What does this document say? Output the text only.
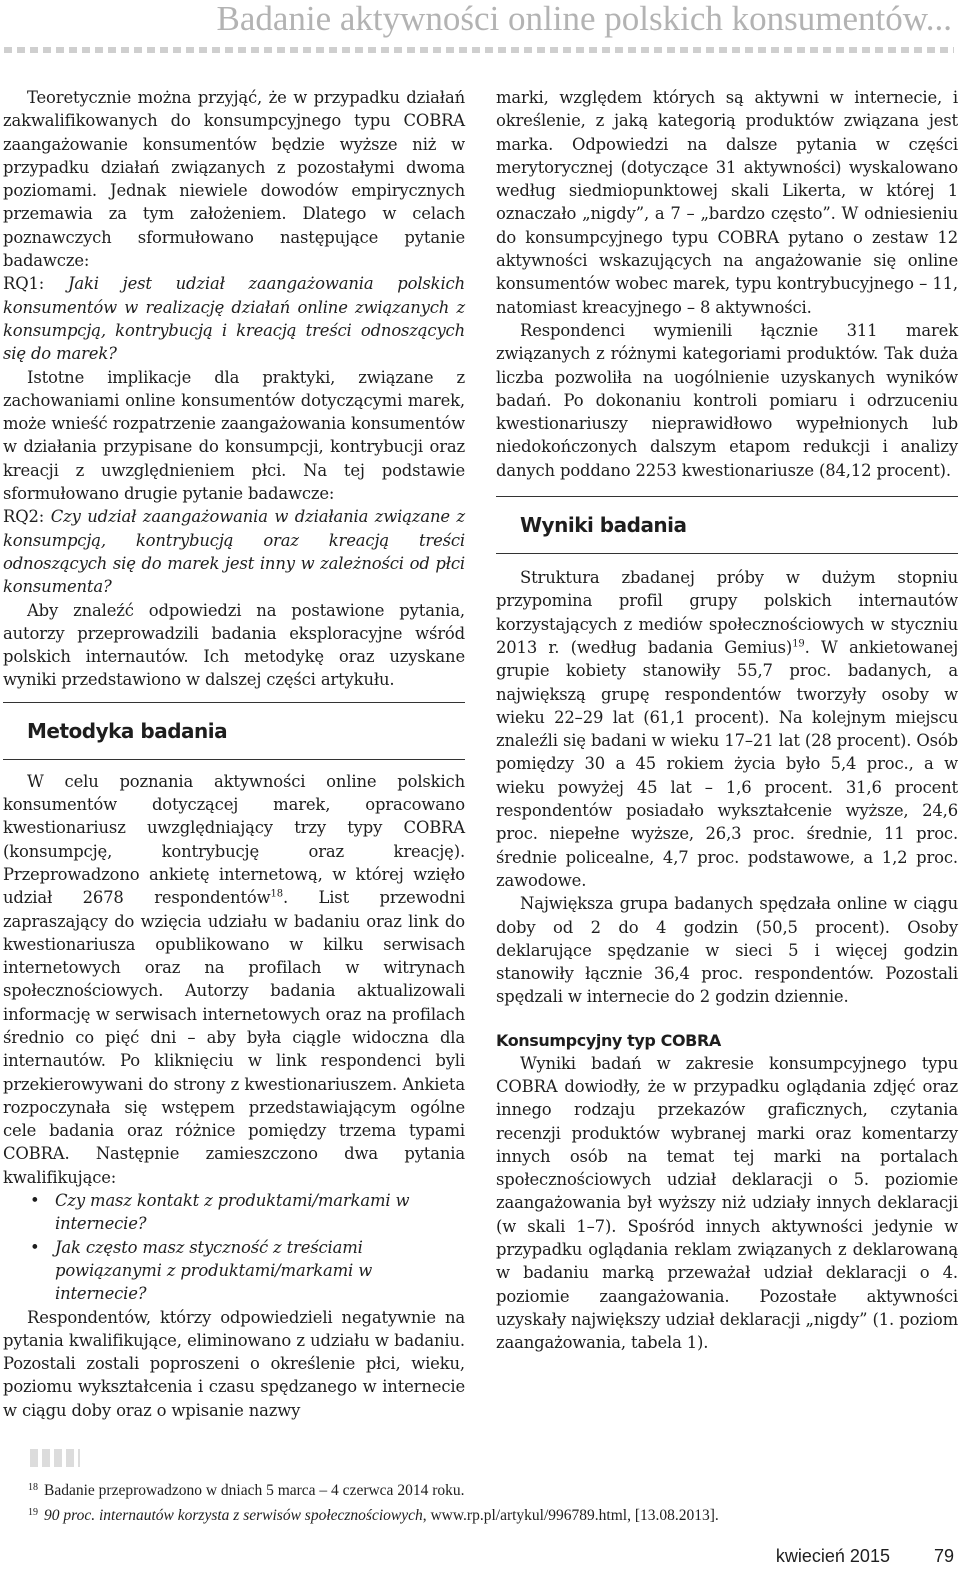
Badanie aktywności online polskich konsumentów...

Teoretycznie można przyjąć, że w przypadku działań zakwalifikowanych do konsumpcyjnego typu COBRA zaangażowanie konsumentów będzie wyższe niż w przypadku działań związanych z pozostałymi dwoma poziomami. Jednak niewiele dowodów empirycznych przemawia za tym założeniem. Dlatego w celach poznawczych sformułowano następujące pytanie badawcze:

RQ1: Jaki jest udział zaangażowania polskich konsumentów w realizację działań online związanych z konsumpcją, kontrybucją i kreacją treści odnoszących się do marek?

Istotne implikacje dla praktyki, związane z zachowaniami online konsumentów dotyczącymi marek, może wnieść rozpatrzenie zaangażowania konsumentów w działania przypisane do konsumpcji, kontrybucji oraz kreacji z uwzględnieniem płci. Na tej podstawie sformułowano drugie pytanie badawcze:

RQ2: Czy udział zaangażowania w działania związane z konsumpcją, kontrybucją oraz kreacją treści odnoszących się do marek jest inny w zależności od płci konsumenta?

Aby znaleźć odpowiedzi na postawione pytania, autorzy przeprowadzili badania eksploracyjne wśród polskich internautów. Ich metodykę oraz uzyskane wyniki przedstawiono w dalszej części artykułu.

Metodyka badania

W celu poznania aktywności online polskich konsumentów dotyczącej marek, opracowano kwestionariusz uwzględniający trzy typy COBRA (konsumpcję, kontrybucję oraz kreację). Przeprowadzono ankietę internetową, w której wzięło udział 2678 respondentów$^{18}$. List przewodni zapraszający do wzięcia udziału w badaniu oraz link do kwestionariusza opublikowano w kilku serwisach internetowych oraz na profilach w witrynach społecznościowych. Autorzy badania aktualizowali informację w serwisach internetowych oraz na profilach średnio co pięć dni – aby była ciągle widoczna dla internautów. Po kliknięciu w link respondenci byli przekierowywani do strony z kwestionariuszem. Ankieta rozpoczynała się wstępem przedstawiającym ogólne cele badania oraz różnice pomiędzy trzema typami COBRA. Następnie zamieszczono dwa pytania kwalifikujące:

• Czy masz kontakt z produktami/markami w internecie?
• Jak często masz styczność z treściami powiązanymi z produktami/markami w internecie?

Respondentów, którzy odpowiedzieli negatywnie na pytania kwalifikujące, eliminowano z udziału w badaniu. Pozostali zostali poproszeni o określenie płci, wieku, poziomu wykształcenia i czasu spędzanego w internecie w ciągu doby oraz o wpisanie nazwy

marki, względem których są aktywni w internecie, i określenie, z jaką kategorią produktów związana jest marka. Odpowiedzi na dalsze pytania w części merytorycznej (dotyczące 31 aktywności) wyskalowano według siedmiopunktowej skali Likerta, w której 1 oznaczało „nigdy”, a 7 – „bardzo często”. W odniesieniu do konsumpcyjnego typu COBRA pytano o zestaw 12 aktywności wskazujących na angażowanie się online konsumentów wobec marek, typu kontrybucyjnego – 11, natomiast kreacyjnego – 8 aktywności.

Respondenci wymienili łącznie 311 marek związanych z różnymi kategoriami produktów. Tak duża liczba pozwoliła na uogólnienie uzyskanych wyników badań. Po dokonaniu kontroli pomiaru i odrzuceniu kwestionariuszy nieprawidłowo wypełnionych lub niedokończonych dalszym etapom redukcji i analizy danych poddano 2253 kwestionariusze (84,12 procent).

Wyniki badania

Struktura zbadanej próby w dużym stopniu przypomina profil grupy polskich internautów korzystających z mediów społecznościowych w styczniu 2013 r. (według badania Gemius)$^{19}$. W ankietowanej grupie kobiety stanowiły 55,7 proc. badanych, a największą grupę respondentów tworzyły osoby w wieku 22–29 lat (61,1 procent). Na kolejnym miejscu znaleźli się badani w wieku 17–21 lat (28 procent). Osób pomiędzy 30 a 45 rokiem życia było 5,4 proc., a w wieku powyżej 45 lat – 1,6 procent. 31,6 procent respondentów posiadało wykształcenie wyższe, 24,6 proc. niepełne wyższe, 26,3 proc. średnie, 11 proc. średnie policealne, 4,7 proc. podstawowe, a 1,2 proc. zawodowe.

Największa grupa badanych spędzała online w ciągu doby od 2 do 4 godzin (50,5 procent). Osoby deklarujące spędzanie w sieci 5 i więcej godzin stanowiły łącznie 36,4 proc. respondentów. Pozostali spędzali w internecie do 2 godzin dziennie.

Konsumpcyjny typ COBRA

Wyniki badań w zakresie konsumpcyjnego typu COBRA dowiodły, że w przypadku oglądania zdjęć oraz innego rodzaju przekazów graficznych, czytania recenzji produktów wybranej marki oraz komentarzy innych osób na temat tej marki na portalach społecznościowych udział deklaracji o 5. poziomie zaangażowania był wyższy niż udziały innych deklaracji (w skali 1–7). Spośród innych aktywności jedynie w przypadku oglądania reklam związanych z deklarowaną w badaniu marką przeważał udział deklaracji o 4. poziomie zaangażowania. Pozostałe aktywności uzyskały największy udział deklaracji „nigdy” (1. poziom zaangażowania, tabela 1).

$^{18}$ Badanie przeprowadzono w dniach 5 marca – 4 czerwca 2014 roku.

$^{19}$ 90 proc. internautów korzysta z serwisów społecznościowych, www.rp.pl/artykul/996789.html, [13.08.2013].

kwiecień 2015 79
